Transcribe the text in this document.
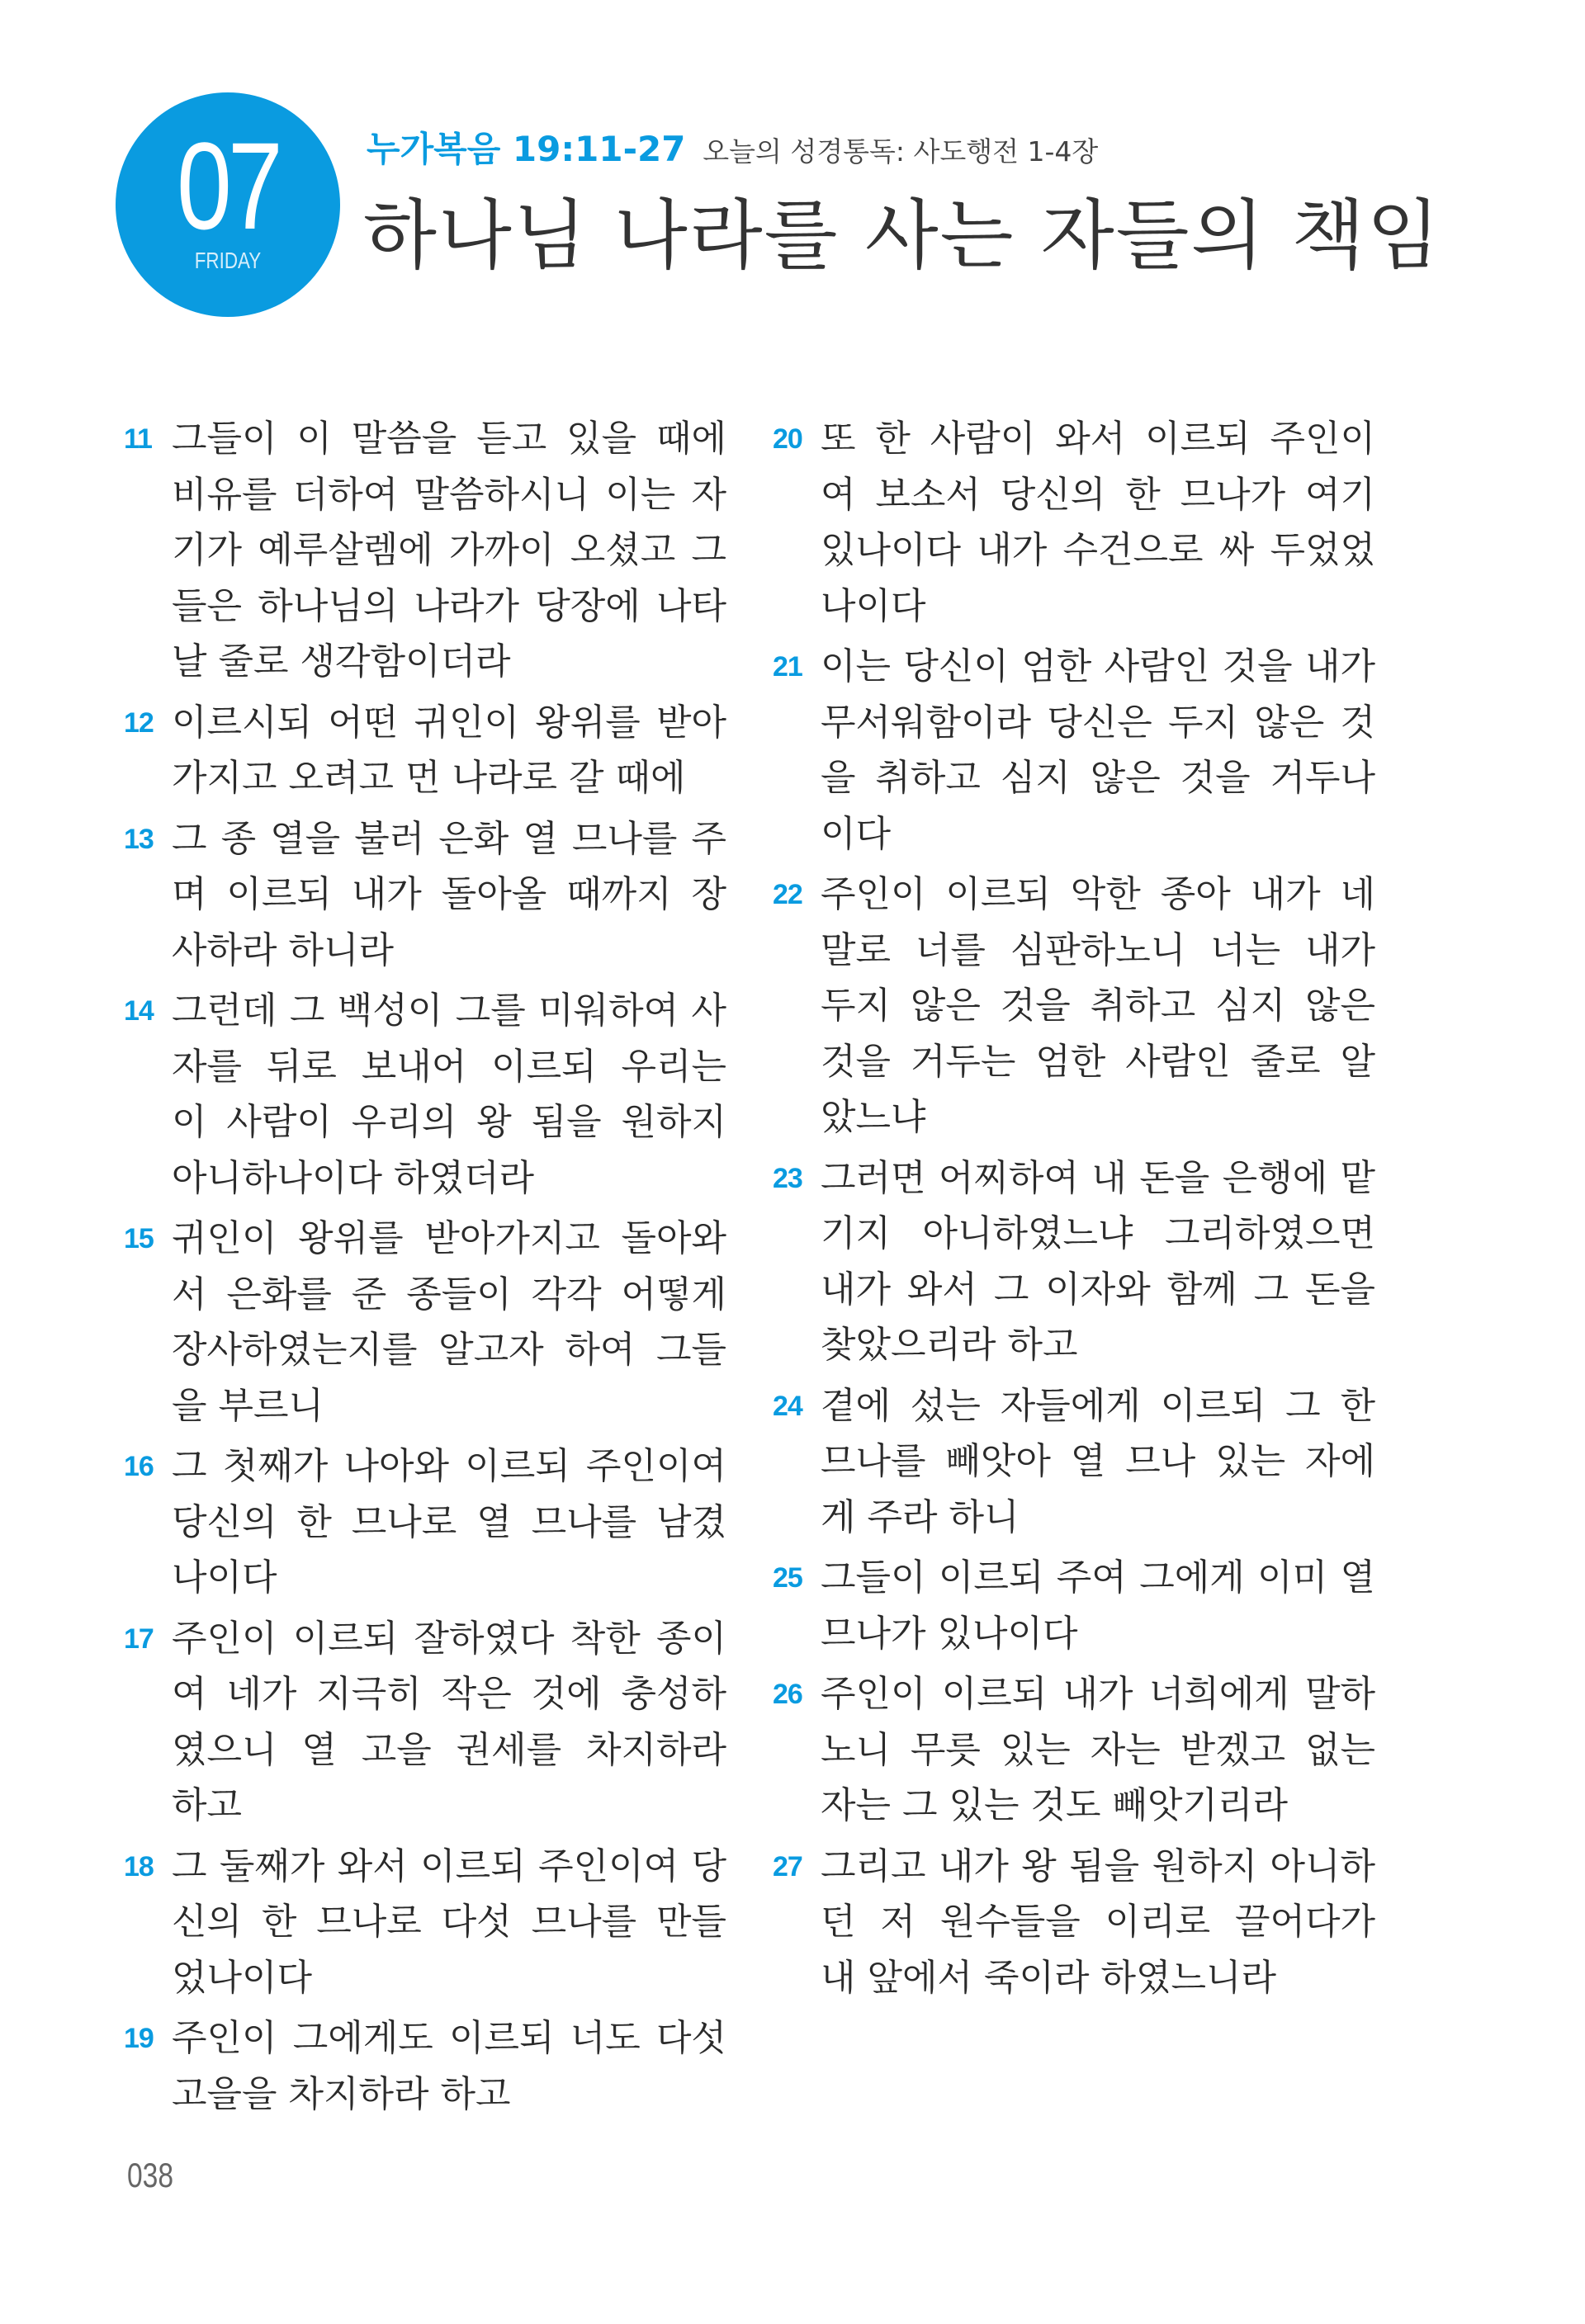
07
FRIDAY
누가복음 19:11-27 오늘의 성경통독: 사도행전 1-4장
하나님 나라를 사는 자들의 책임
11 그들이 이 말씀을 듣고 있을 때에
비유를 더하여 말씀하시니 이는 자
기가 예루살렘에 가까이 오셨고 그
들은 하나님의 나라가 당장에 나타
날 줄로 생각함이더라
12 이르시되 어떤 귀인이 왕위를 받아
가지고 오려고 먼 나라로 갈 때에
13 그 종 열을 불러 은화 열 므나를 주
며 이르되 내가 돌아올 때까지 장
사하라 하니라
14 그런데 그 백성이 그를 미워하여 사
자를 뒤로 보내어 이르되 우리는
이 사람이 우리의 왕 됨을 원하지
아니하나이다 하였더라
15 귀인이 왕위를 받아가지고 돌아와
서 은화를 준 종들이 각각 어떻게
장사하였는지를 알고자 하여 그들
을 부르니
16 그 첫째가 나아와 이르되 주인이여
당신의 한 므나로 열 므나를 남겼
나이다
17 주인이 이르되 잘하였다 착한 종이
여 네가 지극히 작은 것에 충성하
였으니 열 고을 권세를 차지하라
하고
18 그 둘째가 와서 이르되 주인이여 당
신의 한 므나로 다섯 므나를 만들
었나이다
19 주인이 그에게도 이르되 너도 다섯
고을을 차지하라 하고
20 또 한 사람이 와서 이르되 주인이
여 보소서 당신의 한 므나가 여기
있나이다 내가 수건으로 싸 두었었
나이다
21 이는 당신이 엄한 사람인 것을 내가
무서워함이라 당신은 두지 않은 것
을 취하고 심지 않은 것을 거두나
이다
22 주인이 이르되 악한 종아 내가 네
말로 너를 심판하노니 너는 내가
두지 않은 것을 취하고 심지 않은
것을 거두는 엄한 사람인 줄로 알
았느냐
23 그러면 어찌하여 내 돈을 은행에 맡
기지 아니하였느냐 그리하였으면
내가 와서 그 이자와 함께 그 돈을
찾았으리라 하고
24 곁에 섰는 자들에게 이르되 그 한
므나를 빼앗아 열 므나 있는 자에
게 주라 하니
25 그들이 이르되 주여 그에게 이미 열
므나가 있나이다
26 주인이 이르되 내가 너희에게 말하
노니 무릇 있는 자는 받겠고 없는
자는 그 있는 것도 빼앗기리라
27 그리고 내가 왕 됨을 원하지 아니하
던 저 원수들을 이리로 끌어다가
내 앞에서 죽이라 하였느니라
038
